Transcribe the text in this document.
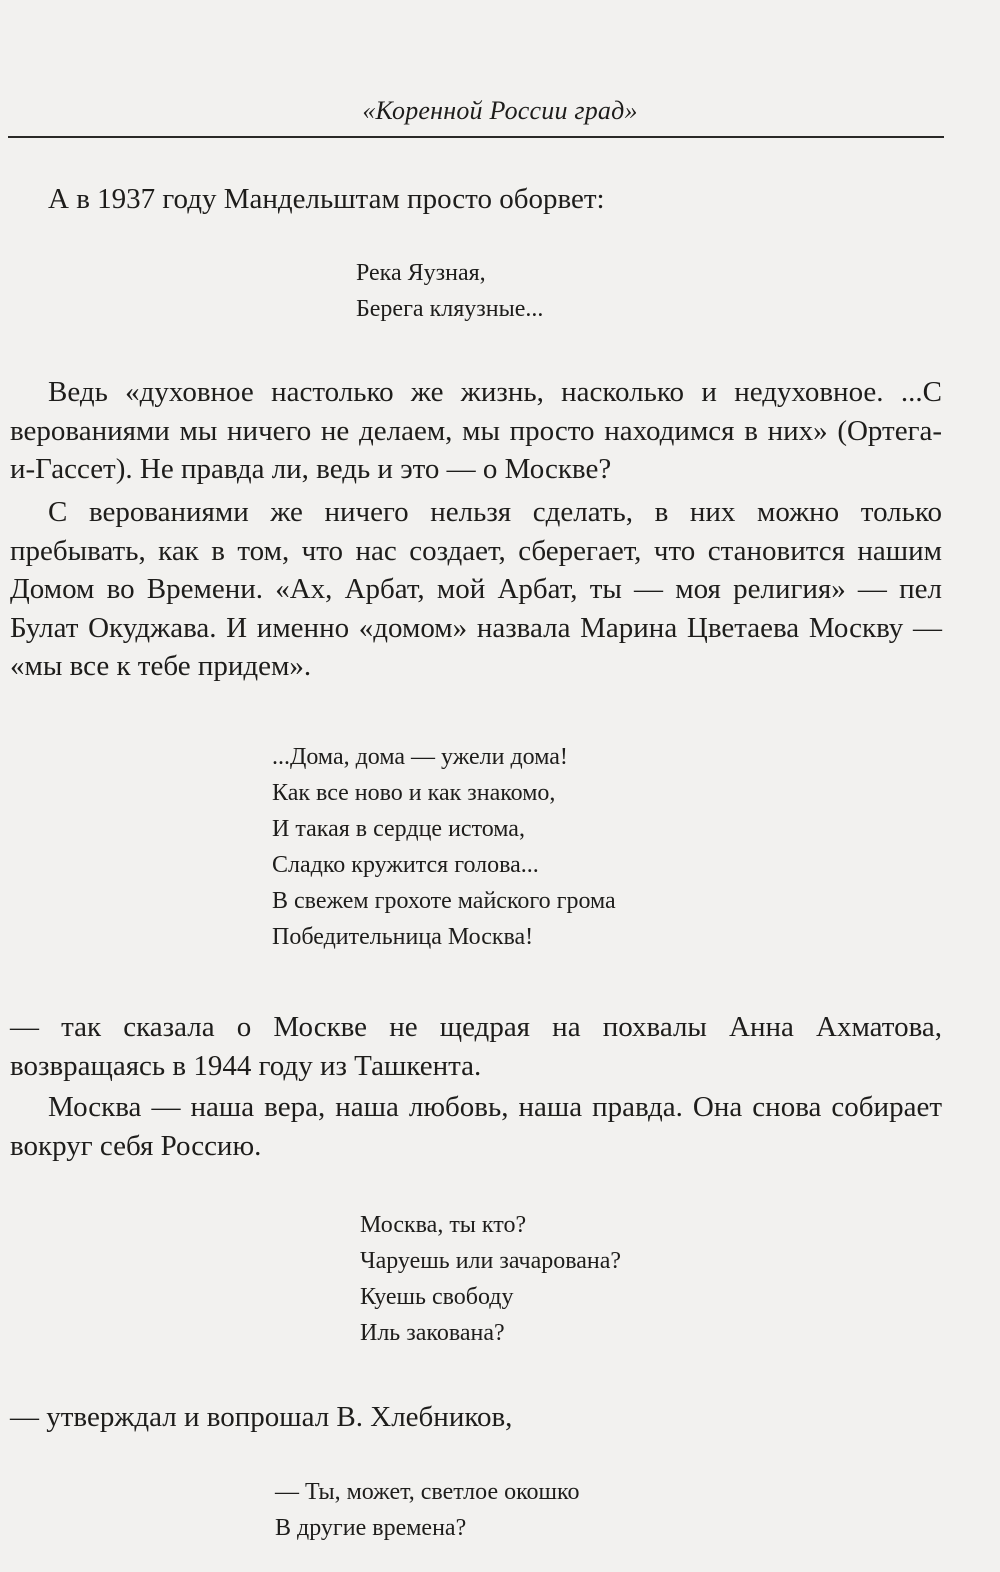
«Коренной России град»
А в 1937 году Мандельштам просто оборвет:
Река Яузная,
Берега кляузные...
Ведь «духовное настолько же жизнь, насколько и недуховное. ...С верованиями мы ничего не делаем, мы просто находимся в них» (Ортега-и-Гассет). Не правда ли, ведь и это — о Москве?
С верованиями же ничего нельзя сделать, в них можно только пребывать, как в том, что нас создает, сберегает, что становится нашим Домом во Времени. «Ах, Арбат, мой Арбат, ты — моя религия» — пел Булат Окуджава. И именно «домом» назвала Марина Цветаева Москву — «мы все к тебе придем».
...Дома, дома — ужели дома!
Как все ново и как знакомо,
И такая в сердце истома,
Сладко кружится голова...
В свежем грохоте майского грома
Победительница Москва!
— так сказала о Москве не щедрая на похвалы Анна Ахматова, возвращаясь в 1944 году из Ташкента.
Москва — наша вера, наша любовь, наша правда. Она снова собирает вокруг себя Россию.
Москва, ты кто?
Чаруешь или зачарована?
Куешь свободу
Иль закована?
— утверждал и вопрошал В. Хлебников,
— Ты, может, светлое окошко
В другие времена?
